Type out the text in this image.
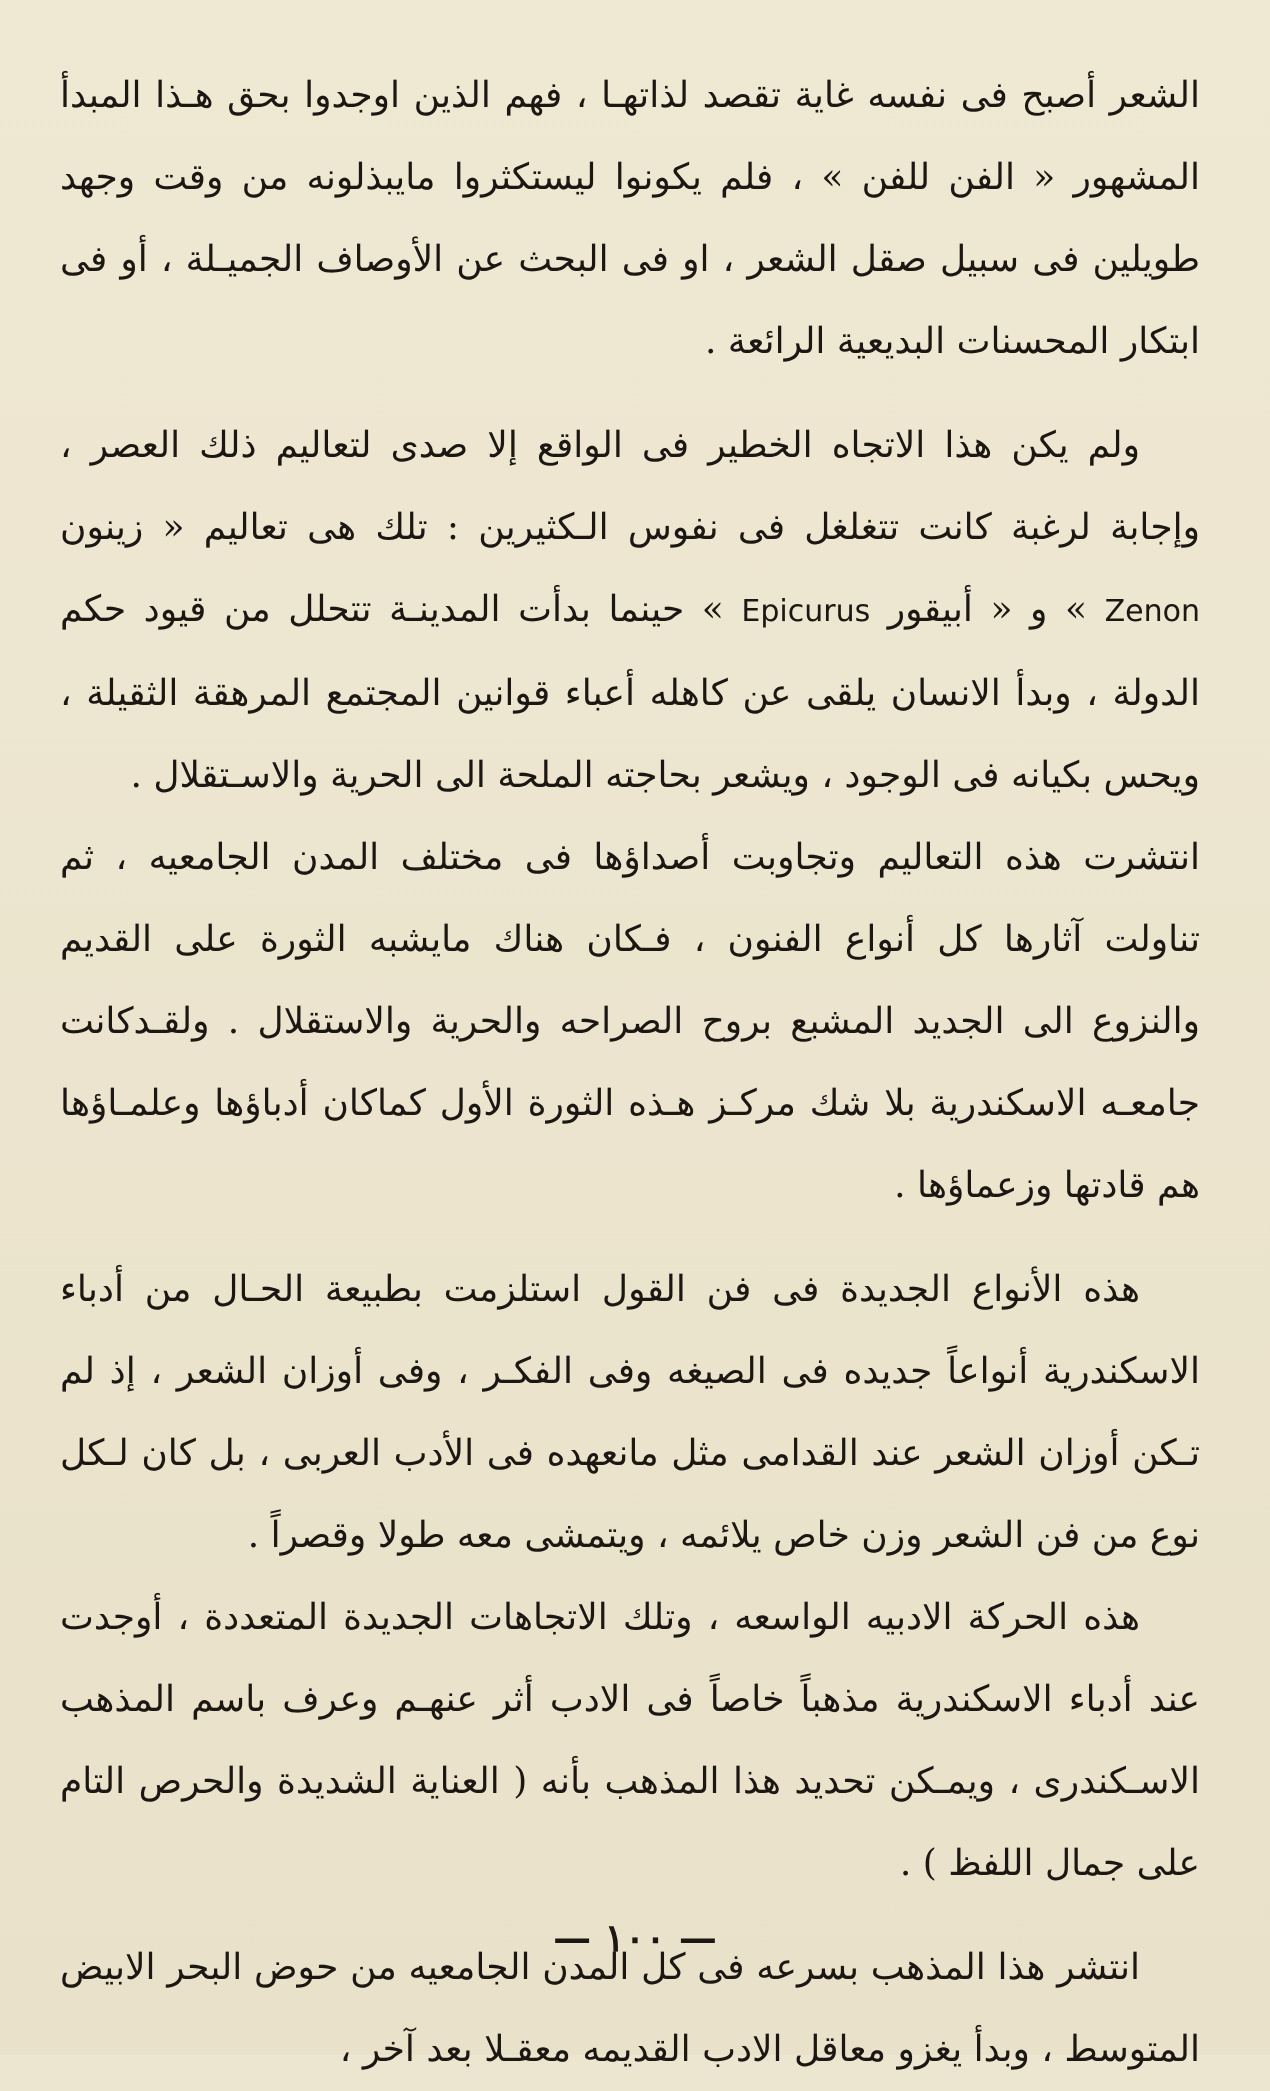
الشعر أصبح فى نفسه غاية تقصد لذاتهـا ، فهم الذين اوجدوا بحق هـذا المبدأ المشهور « الفن للفن » ، فلم يكونوا ليستكثروا مايبذلونه من وقت وجهد طويلين فى سبيل صقل الشعر ، او فى البحث عن الأوصاف الجميـلة ، أو فى ابتكار المحسنات البديعية الرائعة .

ولم يكن هذا الاتجاه الخطير فى الواقع إلا صدى لتعاليم ذلك العصر ، وإجابة لرغبة كانت تتغلغل فى نفوس الـكثيرين : تلك هى تعاليم « زينون Zenon » و « أبيقور Epicurus » حينما بدأت المدينـة تتحلل من قيود حكم الدولة ، وبدأ الانسان يلقى عن كاهله أعباء قوانين المجتمع المرهقة الثقيلة ، ويحس بكيانه فى الوجود ، ويشعر بحاجته الملحة الى الحرية والاسـتقلال .

انتشرت هذه التعاليم وتجاوبت أصداؤها فى مختلف المدن الجامعيه ، ثم تناولت آثارها كل أنواع الفنون ، فـكان هناك مايشبه الثورة على القديم والنزوع الى الجديد المشبع بروح الصراحه والحرية والاستقلال . ولقـدكانت جامعـه الاسكندرية بلا شك مركـز هـذه الثورة الأول كماكان أدباؤها وعلمـاؤها هم قادتها وزعماؤها .

هذه الأنواع الجديدة فى فن القول استلزمت بطبيعة الحـال من أدباء الاسكندرية أنواعاً جديده فى الصيغه وفى الفكـر ، وفى أوزان الشعر ، إذ لم تـكن أوزان الشعر عند القدامى مثل مانعهده فى الأدب العربى ، بل كان لـكل نوع من فن الشعر وزن خاص يلائمه ، ويتمشى معه طولا وقصراً .

هذه الحركة الادبيه الواسعه ، وتلك الاتجاهات الجديدة المتعددة ، أوجدت عند أدباء الاسكندرية مذهباً خاصاً فى الادب أثر عنهـم وعرف باسم المذهب الاسـكندرى ، ويمـكن تحديد هذا المذهب بأنه ( العناية الشديدة والحرص التام على جمال اللفظ ) .

انتشر هذا المذهب بسرعه فى كل المدن الجامعيه من حوض البحر الابيض المتوسط ، وبدأ يغزو معاقل الادب القديمه معقـلا بعد آخر ،

— ١٠٠ —
